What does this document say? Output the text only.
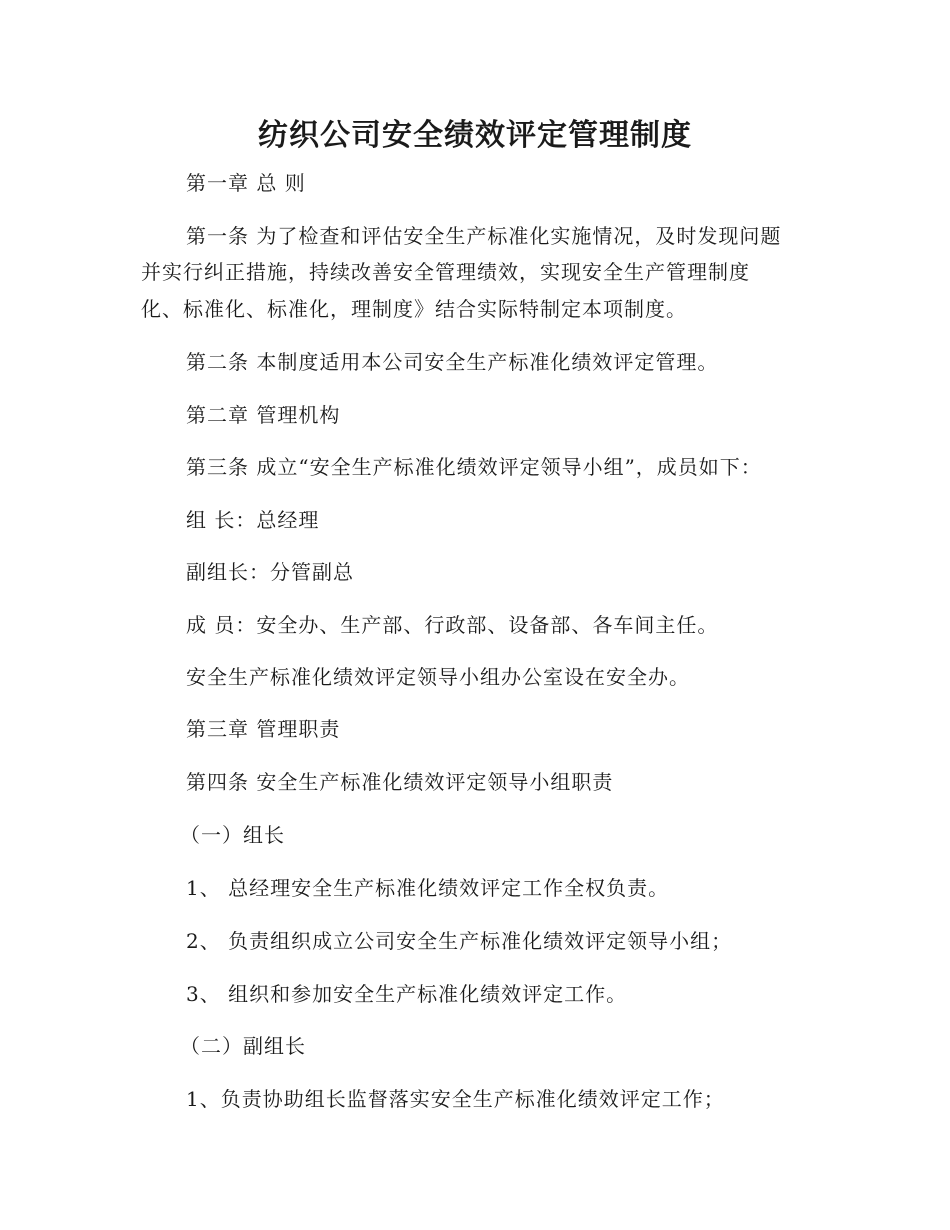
纺织公司安全绩效评定管理制度
第一章 总 则
第一条 为了检查和评估安全生产标准化实施情况，及时发现问题
并实行纠正措施，持续改善安全管理绩效，实现安全生产管理制度
化、标准化、标准化，理制度》结合实际特制定本项制度。
第二条 本制度适用本公司安全生产标准化绩效评定管理。
第二章 管理机构
第三条 成立“安全生产标准化绩效评定领导小组”，成员如下：
组 长：总经理
副组长：分管副总
成 员：安全办、生产部、行政部、设备部、各车间主任。
安全生产标准化绩效评定领导小组办公室设在安全办。
第三章 管理职责
第四条 安全生产标准化绩效评定领导小组职责
（一）组长
1、 总经理安全生产标准化绩效评定工作全权负责。
2、 负责组织成立公司安全生产标准化绩效评定领导小组；
3、 组织和参加安全生产标准化绩效评定工作。
（二）副组长
1、负责协助组长监督落实安全生产标准化绩效评定工作；
